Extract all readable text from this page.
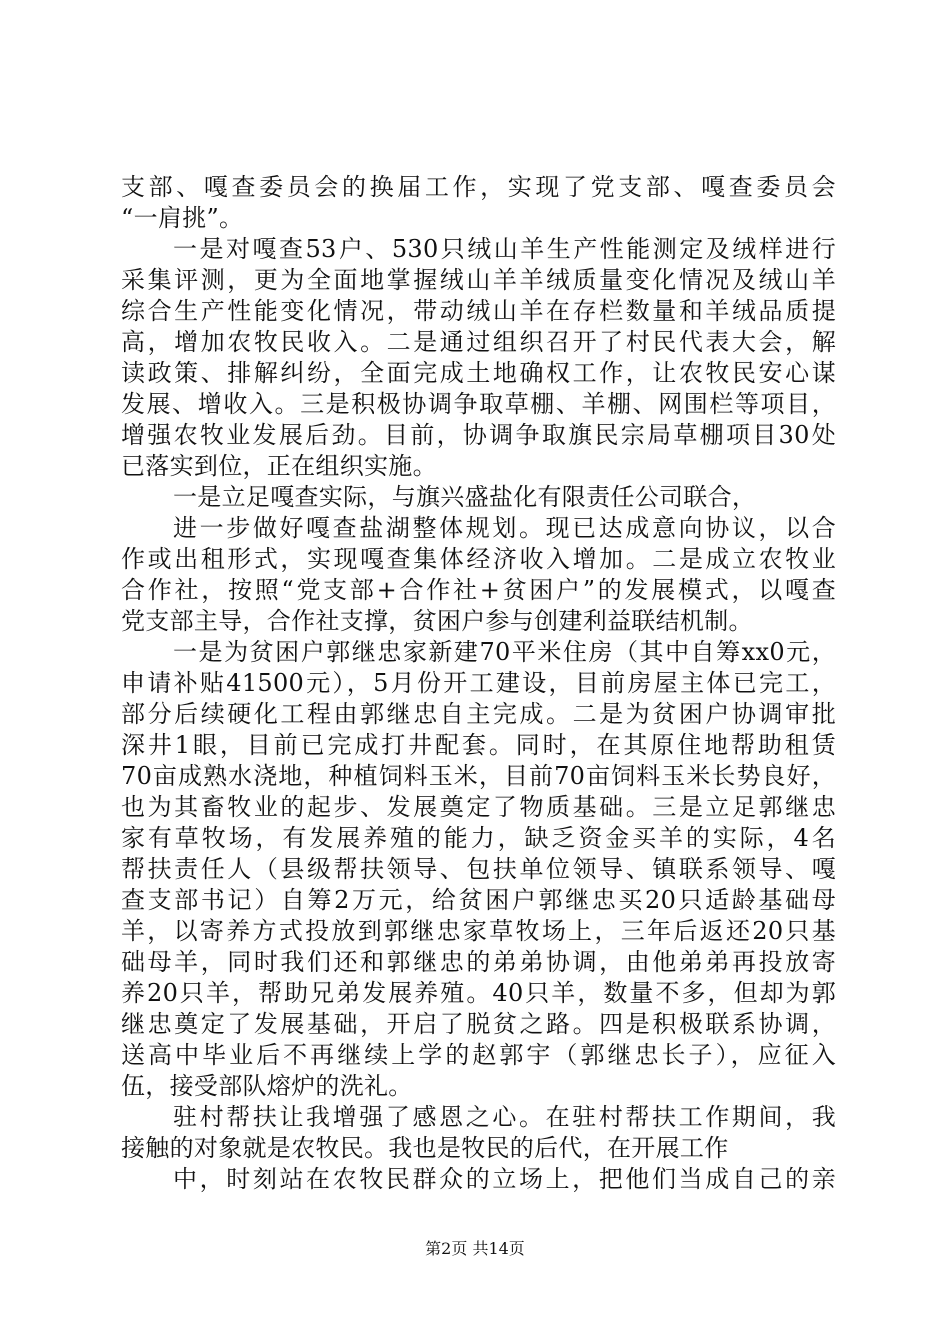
支部、嘎查委员会的换届工作，实现了党支部、嘎查委员会
“一肩挑”。
一是对嘎查53户、530只绒山羊生产性能测定及绒样进行
采集评测，更为全面地掌握绒山羊羊绒质量变化情况及绒山羊
综合生产性能变化情况，带动绒山羊在存栏数量和羊绒品质提
高，增加农牧民收入。二是通过组织召开了村民代表大会，解
读政策、排解纠纷，全面完成土地确权工作，让农牧民安心谋
发展、增收入。三是积极协调争取草棚、羊棚、网围栏等项目，
增强农牧业发展后劲。目前，协调争取旗民宗局草棚项目30处
已落实到位，正在组织实施。
一是立足嘎查实际，与旗兴盛盐化有限责任公司联合，
进一步做好嘎查盐湖整体规划。现已达成意向协议，以合
作或出租形式，实现嘎查集体经济收入增加。二是成立农牧业
合作社，按照“党支部+合作社+贫困户”的发展模式，以嘎查
党支部主导，合作社支撑，贫困户参与创建利益联结机制。
一是为贫困户郭继忠家新建70平米住房（其中自筹xx0元，
申请补贴41500元），5月份开工建设，目前房屋主体已完工，
部分后续硬化工程由郭继忠自主完成。二是为贫困户协调审批
深井1眼，目前已完成打井配套。同时，在其原住地帮助租赁
70亩成熟水浇地，种植饲料玉米，目前70亩饲料玉米长势良好，
也为其畜牧业的起步、发展奠定了物质基础。三是立足郭继忠
家有草牧场，有发展养殖的能力，缺乏资金买羊的实际，4名
帮扶责任人（县级帮扶领导、包扶单位领导、镇联系领导、嘎
查支部书记）自筹2万元，给贫困户郭继忠买20只适龄基础母
羊，以寄养方式投放到郭继忠家草牧场上，三年后返还20只基
础母羊，同时我们还和郭继忠的弟弟协调，由他弟弟再投放寄
养20只羊，帮助兄弟发展养殖。40只羊，数量不多，但却为郭
继忠奠定了发展基础，开启了脱贫之路。四是积极联系协调，
送高中毕业后不再继续上学的赵郭宇（郭继忠长子），应征入
伍，接受部队熔炉的洗礼。
驻村帮扶让我增强了感恩之心。在驻村帮扶工作期间，我
接触的对象就是农牧民。我也是牧民的后代，在开展工作
中，时刻站在农牧民群众的立场上，把他们当成自己的亲
第2页 共14页
